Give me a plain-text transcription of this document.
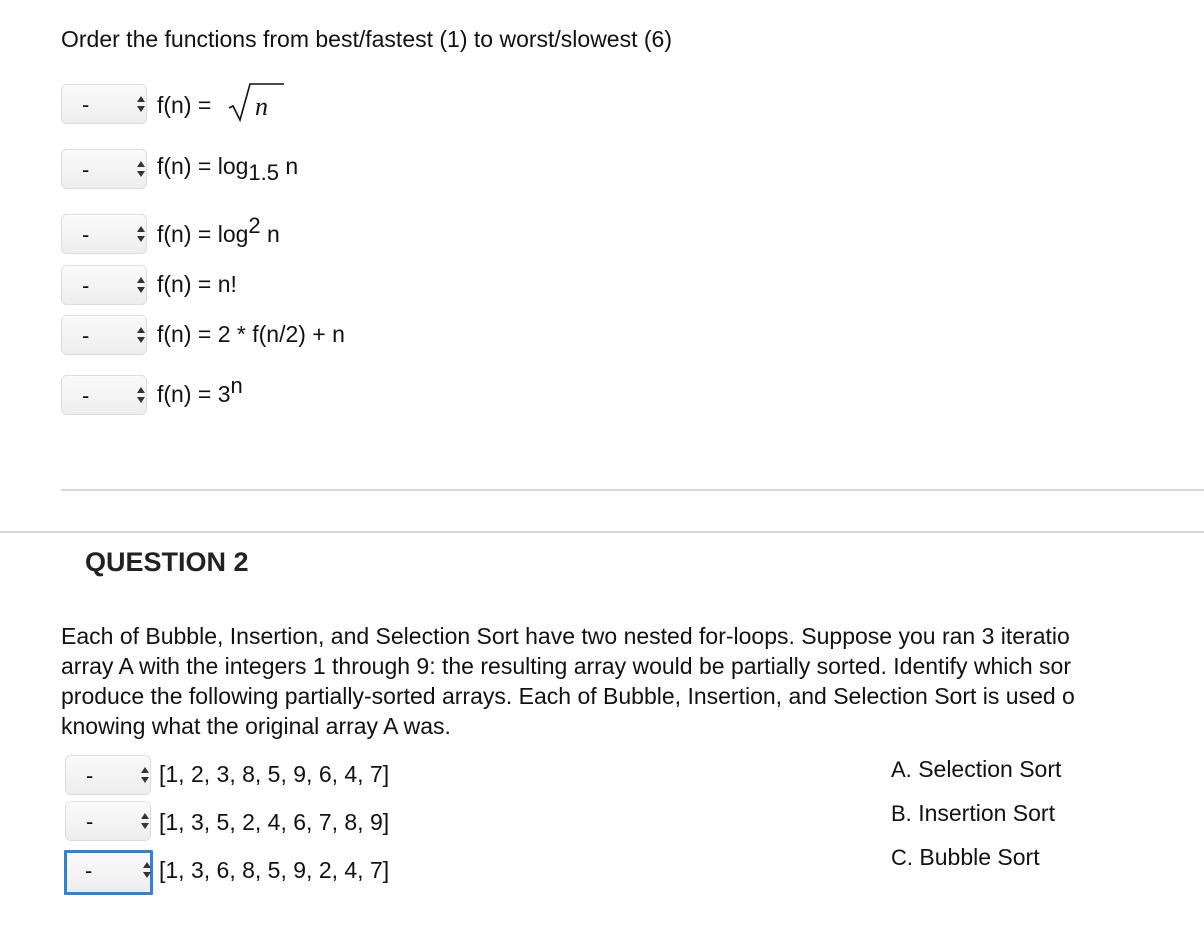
Order the functions from best/fastest (1) to worst/slowest (6)
-	f(n) = n
-	$f(n) = \log_{1.5} n$
-	$f(n) = \log^2 n$
-	f(n) = n!
-	f(n) = 2 * f(n/2) + n
-	$f(n) = 3^n$
QUESTION 2
Each of Bubble, Insertion, and Selection Sort have two nested for-loops. Suppose you ran 3 iteratio
array A with the integers 1 through 9: the resulting array would be partially sorted. Identify which sor
produce the following partially-sorted arrays. Each of Bubble, Insertion, and Selection Sort is used o
knowing what the original array A was.
-	[1, 2, 3, 8, 5, 9, 6, 4, 7]
-	[1, 3, 5, 2, 4, 6, 7, 8, 9]
-	[1, 3, 6, 8, 5, 9, 2, 4, 7]
A. Selection Sort
B. Insertion Sort
C. Bubble Sort
